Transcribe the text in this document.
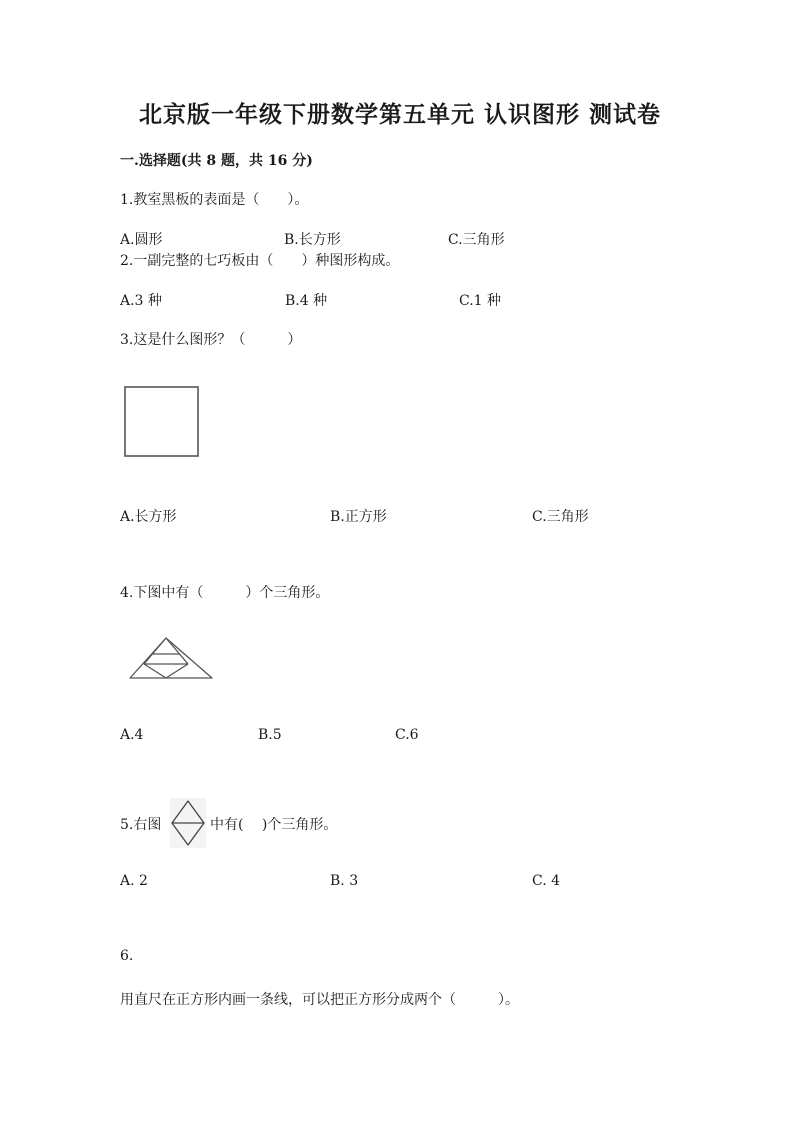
北京版一年级下册数学第五单元 认识图形 测试卷
一.选择题(共 8 题，共 16 分)
1.教室黑板的表面是（　　）。
A.圆形	B.长方形	C.三角形
2.一副完整的七巧板由（　　）种图形构成。
A.3 种	B.4 种	C.1 种
3.这是什么图形？（　　　）
A.长方形	B.正方形	C.三角形
4.下图中有（　　　）个三角形。
A.4	B.5	C.6
5.右图	中有(　 )个三角形。
A. 2	B. 3	C. 4
6.
用直尺在正方形内画一条线，可以把正方形分成两个（　　　）。
